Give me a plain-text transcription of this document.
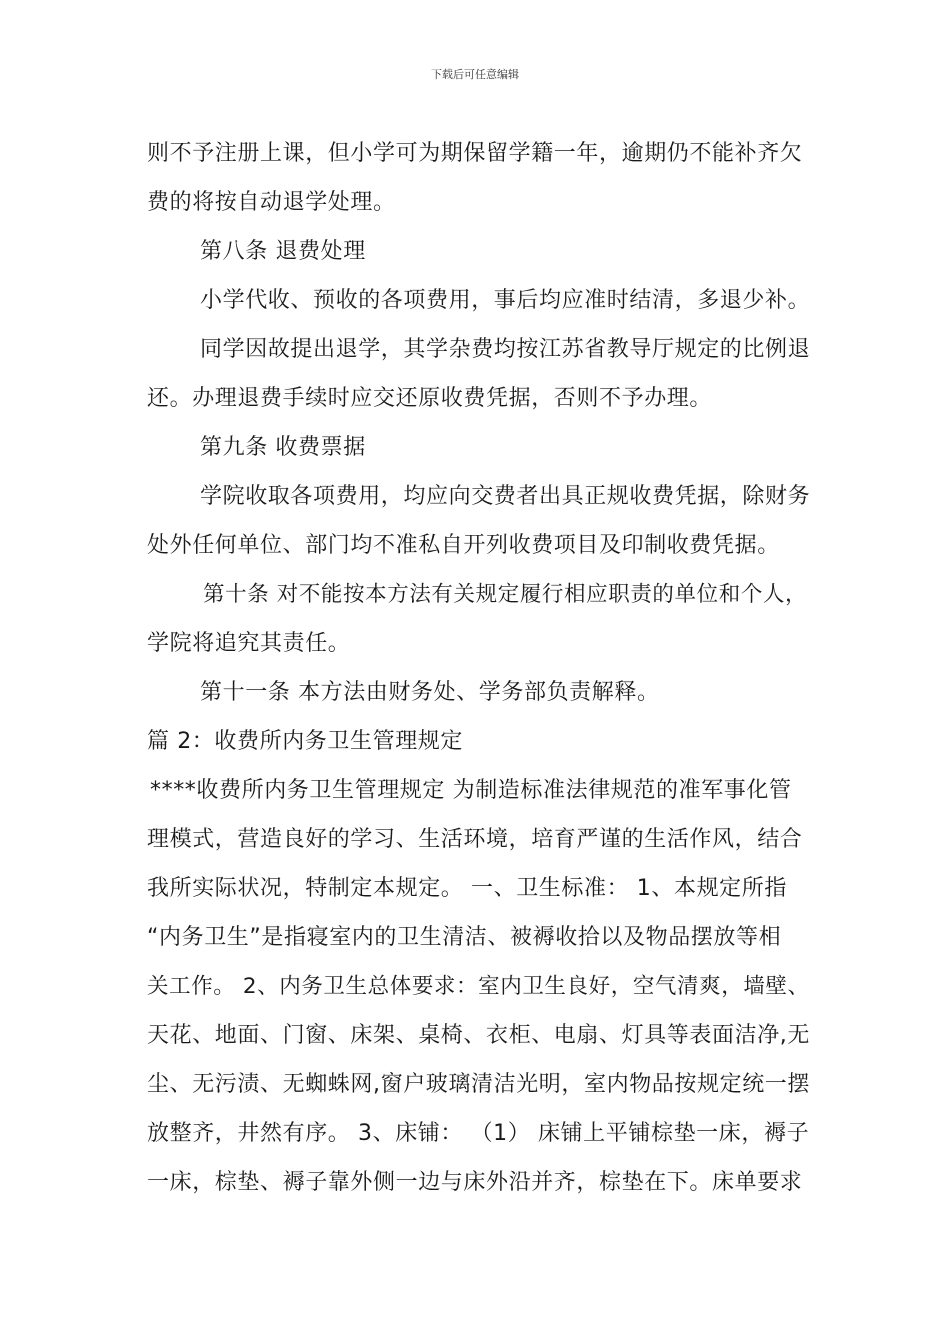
下载后可任意编辑
则不予注册上课，但小学可为期保留学籍一年，逾期仍不能补齐欠
费的将按自动退学处理。
第八条 退费处理
小学代收、预收的各项费用，事后均应准时结清，多退少补。
同学因故提出退学，其学杂费均按江苏省教导厅规定的比例退
还。办理退费手续时应交还原收费凭据，否则不予办理。
第九条 收费票据
学院收取各项费用，均应向交费者出具正规收费凭据，除财务
处外任何单位、部门均不准私自开列收费项目及印制收费凭据。
第十条 对不能按本方法有关规定履行相应职责的单位和个人，
学院将追究其责任。
第十一条 本方法由财务处、学务部负责解释。
篇 2：收费所内务卫生管理规定
****收费所内务卫生管理规定 为制造标准法律规范的准军事化管
理模式，营造良好的学习、生活环境，培育严谨的生活作风，结合
我所实际状况，特制定本规定。 一、卫生标准： 1、本规定所指
“内务卫生”是指寝室内的卫生清洁、被褥收拾以及物品摆放等相
关工作。 2、内务卫生总体要求：室内卫生良好，空气清爽，墙壁、
天花、地面、门窗、床架、桌椅、衣柜、电扇、灯具等表面洁净,无
尘、无污渍、无蜘蛛网,窗户玻璃清洁光明，室内物品按规定统一摆
放整齐，井然有序。 3、床铺： （1） 床铺上平铺棕垫一床，褥子
一床，棕垫、褥子靠外侧一边与床外沿并齐，棕垫在下。床单要求
